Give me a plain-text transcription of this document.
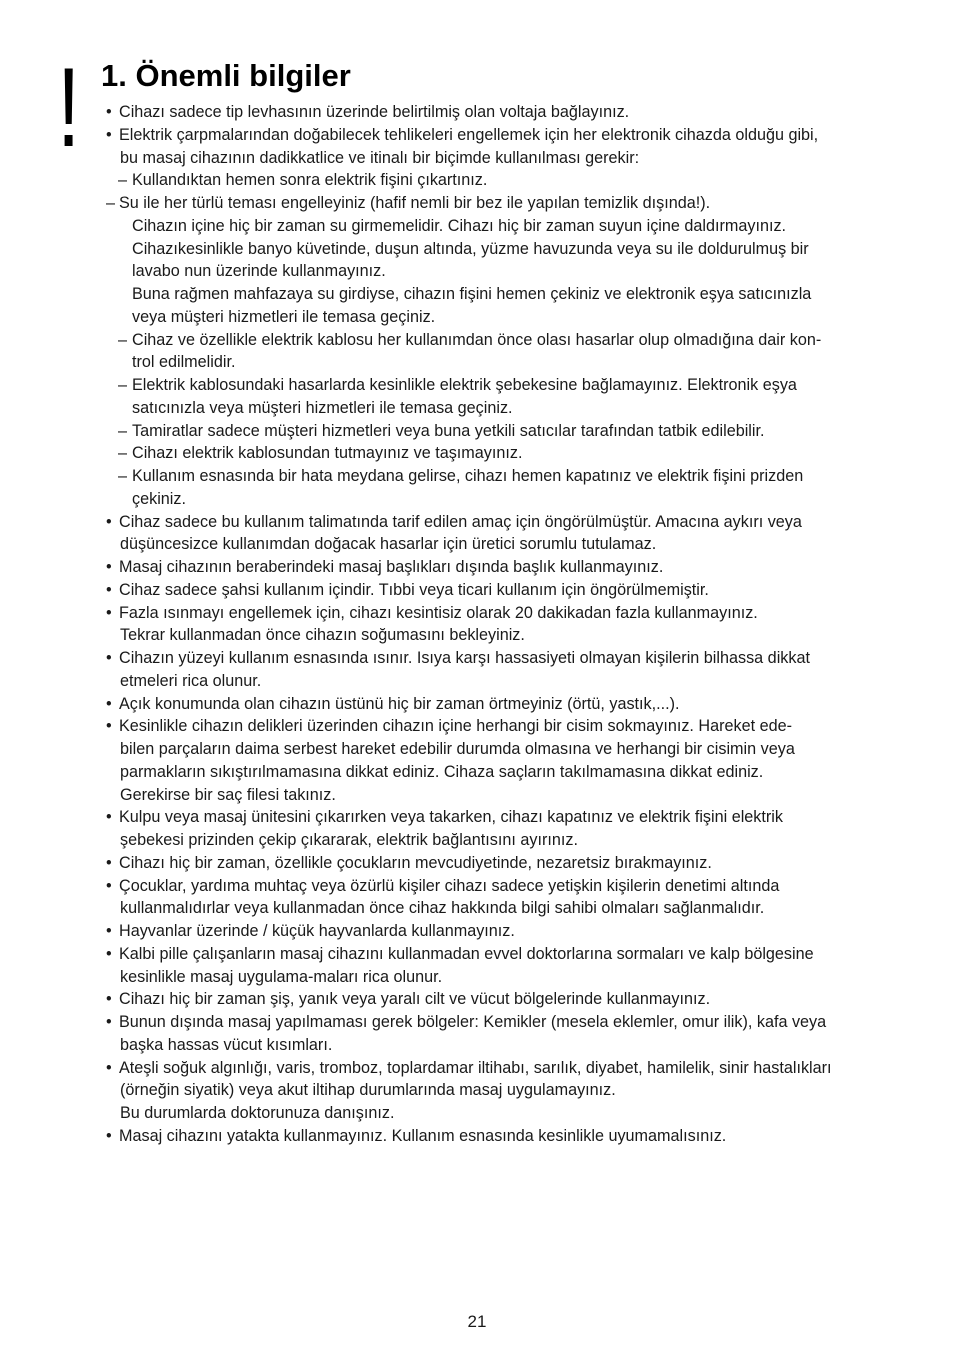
! 1. Önemli bilgiler
• Cihazı sadece tip levhasının üzerinde belirtilmiş olan voltaja bağlayınız.
• Elektrik çarpmalarından doğabilecek tehlikeleri engellemek için her elektronik cihazda olduğu gibi,
bu masaj cihazının dadikkatlice ve itinalı bir biçimde kullanılması gerekir:
– Kullandıktan hemen sonra elektrik fişini çıkartınız.
– Su ile her türlü teması engelleyiniz (hafif nemli bir bez ile yapılan temizlik dışında!).
Cihazın içine hiç bir zaman su girmemelidir. Cihazı hiç bir zaman suyun içine daldırmayınız.
Cihazıkesinlikle banyo küvetinde, duşun altında, yüzme havuzunda veya su ile doldurulmuş bir
lavabo nun üzerinde kullanmayınız.
Buna rağmen mahfazaya su girdiyse, cihazın fişini hemen çekiniz ve elektronik eşya satıcınızla
veya müşteri hizmetleri ile temasa geçiniz.
– Cihaz ve özellikle elektrik kablosu her kullanımdan önce olası hasarlar olup olmadığına dair kon-
trol edilmelidir.
– Elektrik kablosundaki hasarlarda kesinlikle elektrik şebekesine bağlamayınız. Elektronik eşya
satıcınızla veya müşteri hizmetleri ile temasa geçiniz.
– Tamiratlar sadece müşteri hizmetleri veya buna yetkili satıcılar tarafından tatbik edilebilir.
– Cihazı elektrik kablosundan tutmayınız ve taşımayınız.
– Kullanım esnasında bir hata meydana gelirse, cihazı hemen kapatınız ve elektrik fişini prizden
çekiniz.
• Cihaz sadece bu kullanım talimatında tarif edilen amaç için öngörülmüştür. Amacına aykırı veya
düşüncesizce kullanımdan doğacak hasarlar için üretici sorumlu tutulamaz.
• Masaj cihazının beraberindeki masaj başlıkları dışında başlık kullanmayınız.
• Cihaz sadece şahsi kullanım içindir. Tıbbi veya ticari kullanım için öngörülmemiştir.
• Fazla ısınmayı engellemek için, cihazı kesintisiz olarak 20 dakikadan fazla kullanmayınız.
Tekrar kullanmadan önce cihazın soğumasını bekleyiniz.
• Cihazın yüzeyi kullanım esnasında ısınır. Isıya karşı hassasiyeti olmayan kişilerin bilhassa dikkat
etmeleri rica olunur.
• Açık konumunda olan cihazın üstünü hiç bir zaman örtmeyiniz (örtü, yastık,...).
• Kesinlikle cihazın delikleri üzerinden cihazın içine herhangi bir cisim sokmayınız. Hareket ede-
bilen parçaların daima serbest hareket edebilir durumda olmasına ve herhangi bir cisimin veya
parmakların sıkıştırılmamasına dikkat ediniz. Cihaza saçların takılmamasına dikkat ediniz.
Gerekirse bir saç filesi takınız.
• Kulpu veya masaj ünitesini çıkarırken veya takarken, cihazı kapatınız ve elektrik fişini elektrik
şebekesi prizinden çekip çıkararak, elektrik bağlantısını ayırınız.
• Cihazı hiç bir zaman, özellikle çocukların mevcudiyetinde, nezaretsiz bırakmayınız.
• Çocuklar, yardıma muhtaç veya özürlü kişiler cihazı sadece yetişkin kişilerin denetimi altında
kullanmalıdırlar veya kullanmadan önce cihaz hakkında bilgi sahibi olmaları sağlanmalıdır.
• Hayvanlar üzerinde / küçük hayvanlarda kullanmayınız.
• Kalbi pille çalışanların masaj cihazını kullanmadan evvel doktorlarına sormaları ve kalp bölgesine
kesinlikle masaj uygulama-maları rica olunur.
• Cihazı hiç bir zaman şiş, yanık veya yaralı cilt ve vücut bölgelerinde kullanmayınız.
• Bunun dışında masaj yapılmaması gerek bölgeler: Kemikler (mesela eklemler, omur ilik), kafa veya
başka hassas vücut kısımları.
• Ateşli soğuk algınlığı, varis, tromboz, toplardamar iltihabı, sarılık, diyabet, hamilelik, sinir hastalıkları
(örneğin siyatik) veya akut iltihap durumlarında masaj uygulamayınız.
Bu durumlarda doktorunuza danışınız.
• Masaj cihazını yatakta kullanmayınız. Kullanım esnasında kesinlikle uyumamalısınız.
21
